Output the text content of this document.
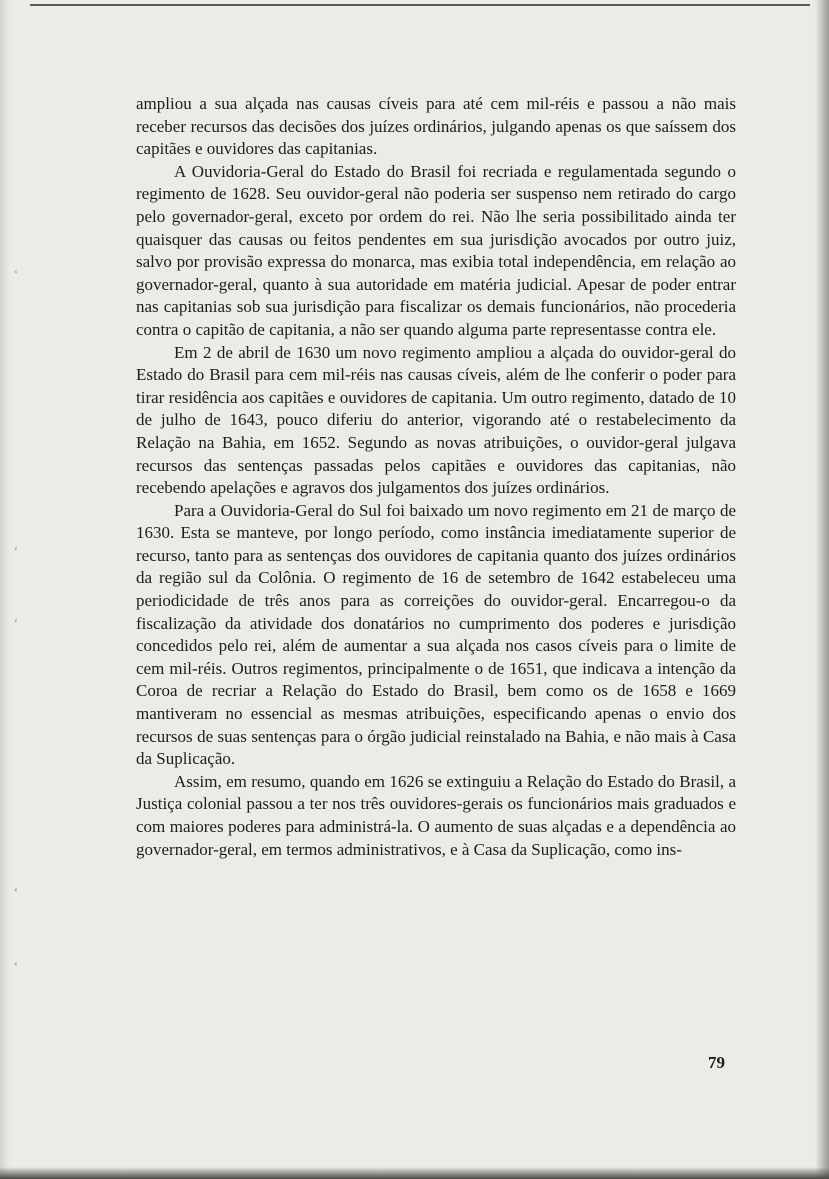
ʻ
ʻ
ʻ
ʻ
ʻ

ampliou a sua alçada nas causas cíveis para até cem mil-réis e passou a não mais receber recursos das decisões dos juízes ordinários, julgando apenas os que saíssem dos capitães e ouvidores das capitanias.

A Ouvidoria-Geral do Estado do Brasil foi recriada e regulamentada segundo o regimento de 1628. Seu ouvidor-geral não poderia ser suspenso nem retirado do cargo pelo governador-geral, exceto por ordem do rei. Não lhe seria possibilitado ainda ter quaisquer das causas ou feitos pendentes em sua jurisdição avocados por outro juiz, salvo por provisão expressa do monarca, mas exibia total independência, em relação ao governador-geral, quanto à sua autoridade em matéria judicial. Apesar de poder entrar nas capitanias sob sua jurisdição para fiscalizar os demais funcionários, não procederia contra o capitão de capitania, a não ser quando alguma parte representasse contra ele.

Em 2 de abril de 1630 um novo regimento ampliou a alçada do ouvidor-geral do Estado do Brasil para cem mil-réis nas causas cíveis, além de lhe conferir o poder para tirar residência aos capitães e ouvidores de capitania. Um outro regimento, datado de 10 de julho de 1643, pouco diferiu do anterior, vigorando até o restabelecimento da Relação na Bahia, em 1652. Segundo as novas atribuições, o ouvidor-geral julgava recursos das sentenças passadas pelos capitães e ouvidores das capitanias, não recebendo apelações e agravos dos julgamentos dos juízes ordinários.

Para a Ouvidoria-Geral do Sul foi baixado um novo regimento em 21 de março de 1630. Esta se manteve, por longo período, como instância imediatamente superior de recurso, tanto para as sentenças dos ouvidores de capitania quanto dos juízes ordinários da região sul da Colônia. O regimento de 16 de setembro de 1642 estabeleceu uma periodicidade de três anos para as correições do ouvidor-geral. Encarregou-o da fiscalização da atividade dos donatários no cumprimento dos poderes e jurisdição concedidos pelo rei, além de aumentar a sua alçada nos casos cíveis para o limite de cem mil-réis. Outros regimentos, principalmente o de 1651, que indicava a intenção da Coroa de recriar a Relação do Estado do Brasil, bem como os de 1658 e 1669 mantiveram no essencial as mesmas atribuições, especificando apenas o envio dos recursos de suas sentenças para o órgão judicial reinstalado na Bahia, e não mais à Casa da Suplicação.

Assim, em resumo, quando em 1626 se extinguiu a Relação do Estado do Brasil, a Justiça colonial passou a ter nos três ouvidores-gerais os funcionários mais graduados e com maiores poderes para administrá-la. O aumento de suas alçadas e a dependência ao governador-geral, em termos administrativos, e à Casa da Suplicação, como ins-

79
